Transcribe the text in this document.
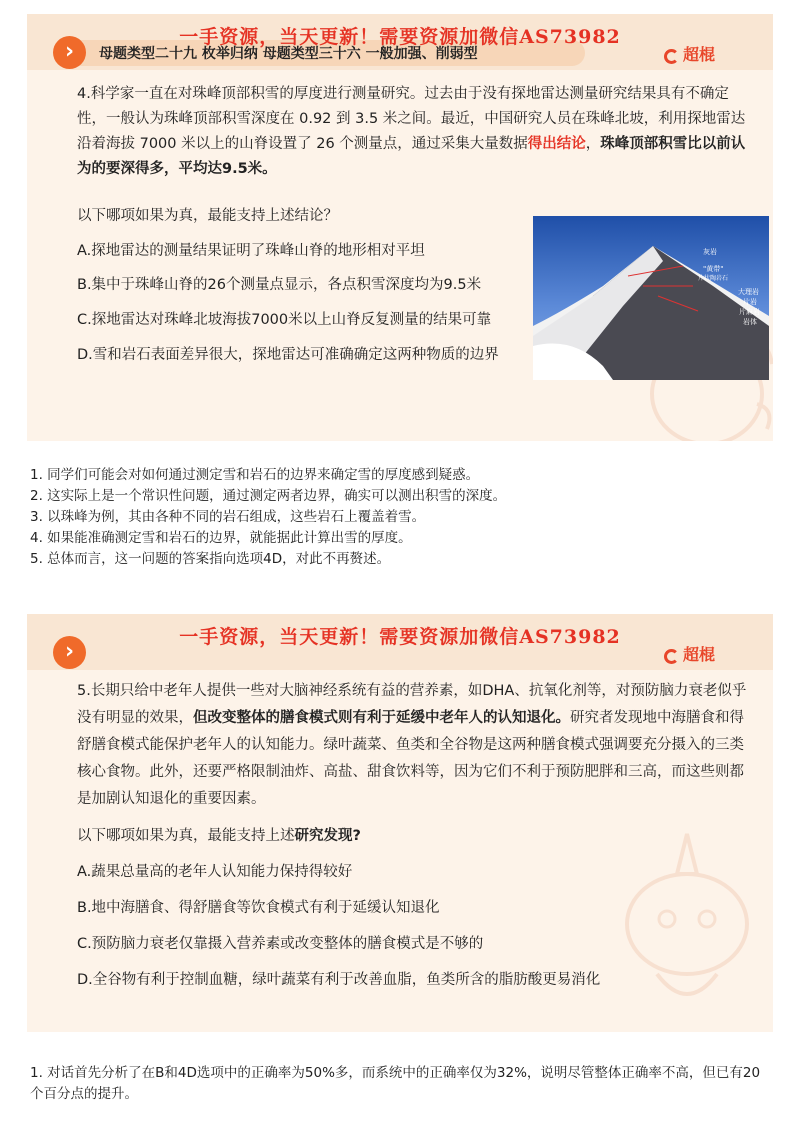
›
一手资源，当天更新！需要资源加微信AS73982
母题类型二十九 枚举归纳 母题类型三十六 一般加强、削弱型	超棍
4.科学家一直在对珠峰顶部积雪的厚度进行测量研究。过去由于没有探地雷达测量研究结果具有不确定性，一般认为珠峰顶部积雪深度在 0.92 到 3.5 米之间。最近，中国研究人员在珠峰北坡，利用探地雷达沿着海拔 7000 米以上的山脊设置了 26 个测量点，通过采集大量数据得出结论，珠峰顶部积雪比以前认为的要深得多，平均达9.5米。
以下哪项如果为真，最能支持上述结论？
A.探地雷达的测量结果证明了珠峰山脊的地形相对平坦
B.集中于珠峰山脊的26个测量点显示，各点积雪深度均为9.5米
C.探地雷达对珠峰北坡海拔7000米以上山脊反复测量的结果可靠
D.雪和岩石表面差异很大，探地雷达可准确确定这两种物质的边界
灰岩
"黄带"
片状陶岩石
大理岩
片岩
片麻岩
岩体
1. 同学们可能会对如何通过测定雪和岩石的边界来确定雪的厚度感到疑惑。
2. 这实际上是一个常识性问题，通过测定两者边界，确实可以测出积雪的深度。
3. 以珠峰为例，其由各种不同的岩石组成，这些岩石上覆盖着雪。
4. 如果能准确测定雪和岩石的边界，就能据此计算出雪的厚度。
5. 总体而言，这一问题的答案指向选项4D，对此不再赘述。
›
一手资源，当天更新！需要资源加微信AS73982
超棍
5.长期只给中老年人提供一些对大脑神经系统有益的营养素，如DHA、抗氧化剂等，对预防脑力衰老似乎没有明显的效果，但改变整体的膳食模式则有利于延缓中老年人的认知退化。研究者发现地中海膳食和得舒膳食模式能保护老年人的认知能力。绿叶蔬菜、鱼类和全谷物是这两种膳食模式强调要充分摄入的三类核心食物。此外，还要严格限制油炸、高盐、甜食饮料等，因为它们不利于预防肥胖和三高，而这些则都是加剧认知退化的重要因素。
以下哪项如果为真，最能支持上述研究发现?
A.蔬果总量高的老年人认知能力保持得较好
B.地中海膳食、得舒膳食等饮食模式有利于延缓认知退化
C.预防脑力衰老仅靠摄入营养素或改变整体的膳食模式是不够的
D.全谷物有利于控制血糖，绿叶蔬菜有利于改善血脂，鱼类所含的脂肪酸更易消化
1. 对话首先分析了在B和4D选项中的正确率为50%多，而系统中的正确率仅为32%，说明尽管整体正确率不高，但已有20个百分点的提升。
